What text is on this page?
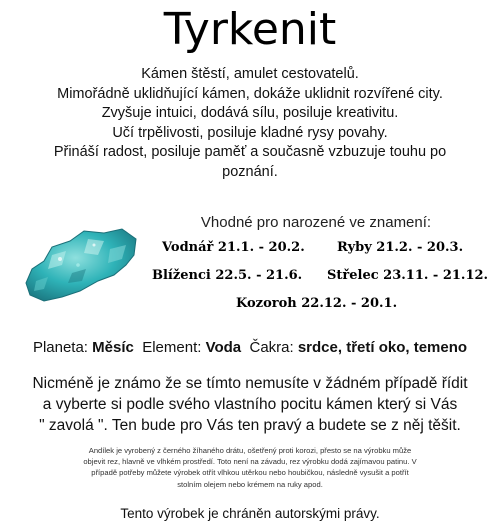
Tyrkenit
Kámen štěstí, amulet cestovatelů.
Mimořádně uklidňující kámen, dokáže uklidnit rozvířené city.
Zvyšuje intuici, dodává sílu, posiluje kreativitu.
Učí trpělivosti, posiluje kladné rysy povahy.
Přináší radost, posiluje paměť a současně vzbuzuje touhu po
poznání.
Vhodné pro narozené ve znamení:
Vodnář 21.1. - 20.2. Ryby 21.2. - 20.3.
Blíženci 22.5. - 21.6. Střelec 23.11. - 21.12.
Kozoroh 22.12. - 20.1.
Planeta: Měsíc Element: Voda Čakra: srdce, třetí oko, temeno
Nicméně je známo že se tímto nemusíte v žádném případě řídit
a vyberte si podle svého vlastního pocitu kámen který si Vás
" zavolá ". Ten bude pro Vás ten pravý a budete se z něj těšit.
Andílek je vyrobený z černého žíhaného drátu, ošetřený proti korozi, přesto se na výrobku může
objevit rez, hlavně ve vlhkém prostředí. Toto není na závadu, rez výrobku dodá zajímavou patinu. V
případě potřeby můžete výrobek otřít vlhkou utěrkou nebo houbičkou, následně vysušit a potřít
stolním olejem nebo krémem na ruky apod.
Tento výrobek je chráněn autorskými právy.
